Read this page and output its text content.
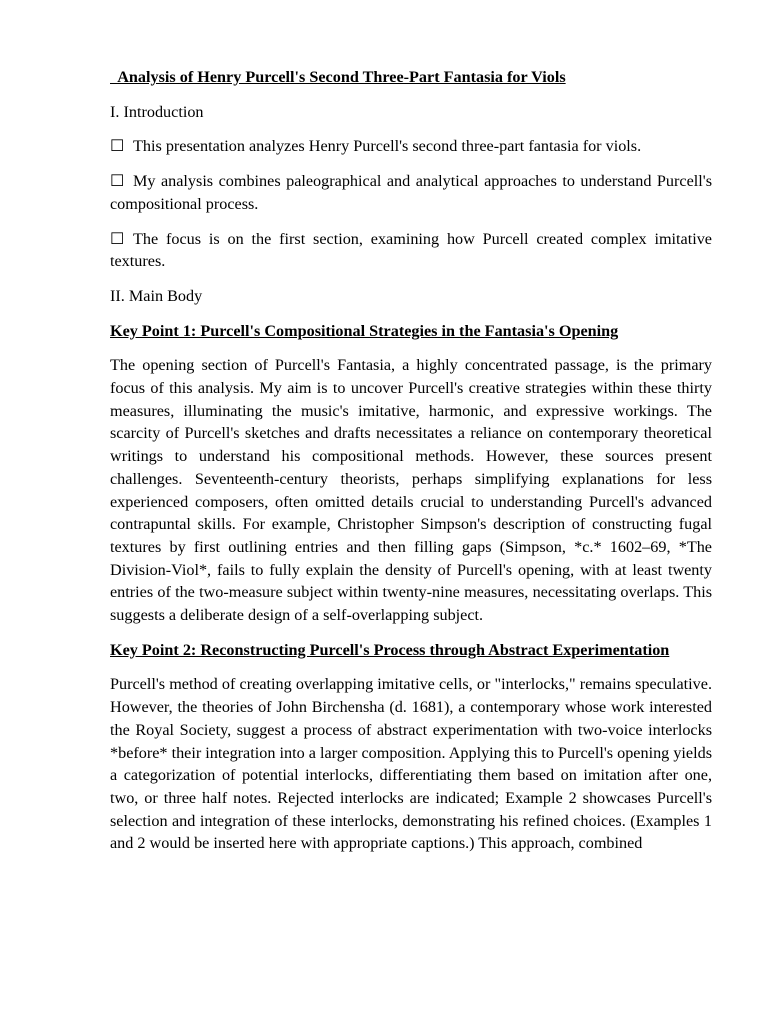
Analysis of Henry Purcell's Second Three-Part Fantasia for Viols
I. Introduction
☐ This presentation analyzes Henry Purcell's second three-part fantasia for viols.
☐ My analysis combines paleographical and analytical approaches to understand Purcell's compositional process.
☐ The focus is on the first section, examining how Purcell created complex imitative textures.
II. Main Body
Key Point 1: Purcell's Compositional Strategies in the Fantasia's Opening
The opening section of Purcell's Fantasia, a highly concentrated passage, is the primary focus of this analysis. My aim is to uncover Purcell's creative strategies within these thirty measures, illuminating the music's imitative, harmonic, and expressive workings. The scarcity of Purcell's sketches and drafts necessitates a reliance on contemporary theoretical writings to understand his compositional methods. However, these sources present challenges. Seventeenth-century theorists, perhaps simplifying explanations for less experienced composers, often omitted details crucial to understanding Purcell's advanced contrapuntal skills. For example, Christopher Simpson's description of constructing fugal textures by first outlining entries and then filling gaps (Simpson, *c.* 1602–69, *The Division-Viol*, fails to fully explain the density of Purcell's opening, with at least twenty entries of the two-measure subject within twenty-nine measures, necessitating overlaps. This suggests a deliberate design of a self-overlapping subject.
Key Point 2: Reconstructing Purcell's Process through Abstract Experimentation
Purcell's method of creating overlapping imitative cells, or "interlocks," remains speculative. However, the theories of John Birchensha (d. 1681), a contemporary whose work interested the Royal Society, suggest a process of abstract experimentation with two-voice interlocks *before* their integration into a larger composition. Applying this to Purcell's opening yields a categorization of potential interlocks, differentiating them based on imitation after one, two, or three half notes. Rejected interlocks are indicated; Example 2 showcases Purcell's selection and integration of these interlocks, demonstrating his refined choices. (Examples 1 and 2 would be inserted here with appropriate captions.) This approach, combined
